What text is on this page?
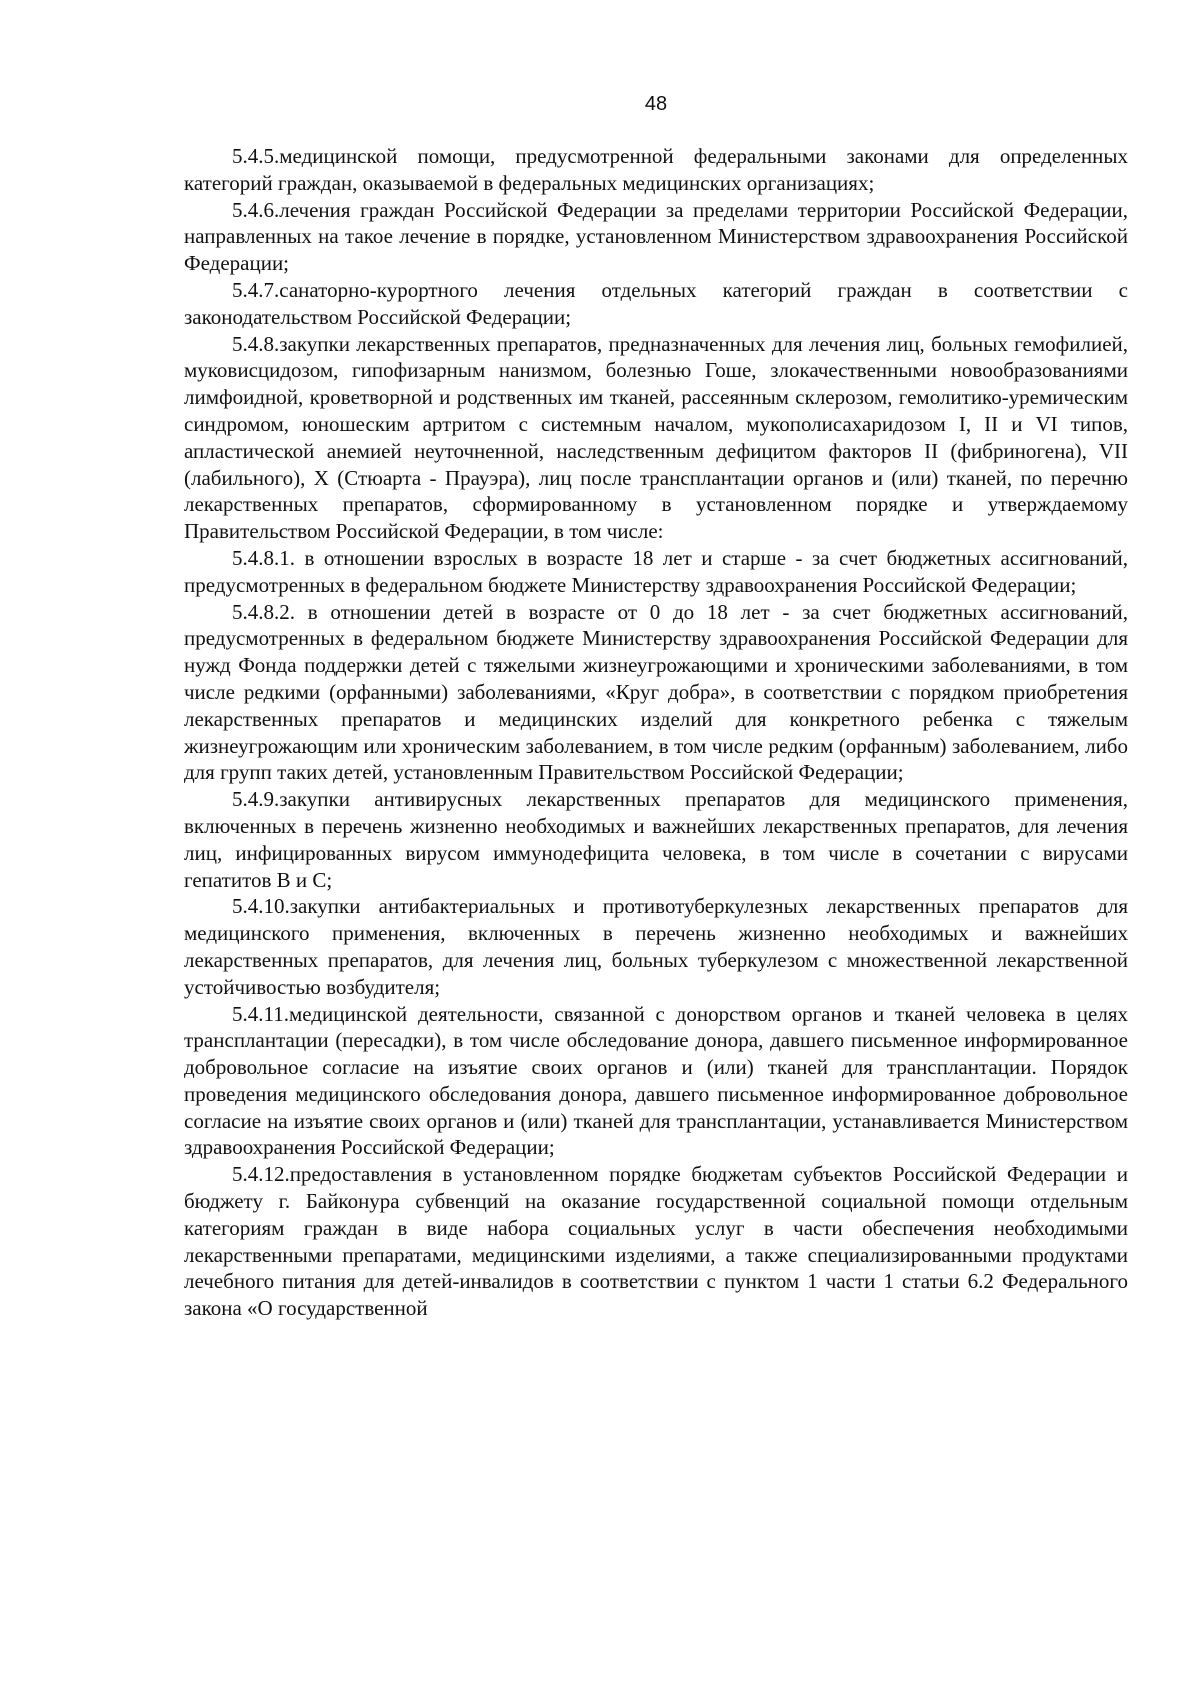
48

5.4.5.медицинской помощи, предусмотренной федеральными законами для определенных категорий граждан, оказываемой в федеральных медицинских организациях;

5.4.6.лечения граждан Российской Федерации за пределами территории Российской Федерации, направленных на такое лечение в порядке, установленном Министерством здравоохранения Российской Федерации;

5.4.7.санаторно-курортного лечения отдельных категорий граждан в соответствии с законодательством Российской Федерации;

5.4.8.закупки лекарственных препаратов, предназначенных для лечения лиц, больных гемофилией, муковисцидозом, гипофизарным нанизмом, болезнью Гоше, злокачественными новообразованиями лимфоидной, кроветворной и родственных им тканей, рассеянным склерозом, гемолитико-уремическим синдромом, юношеским артритом с системным началом, мукополисахаридозом I, II и VI типов, апластической анемией неуточненной, наследственным дефицитом факторов II (фибриногена), VII (лабильного), X (Стюарта - Прауэра), лиц после трансплантации органов и (или) тканей, по перечню лекарственных препаратов, сформированному в установленном порядке и утверждаемому Правительством Российской Федерации, в том числе:

5.4.8.1. в отношении взрослых в возрасте 18 лет и старше - за счет бюджетных ассигнований, предусмотренных в федеральном бюджете Министерству здравоохранения Российской Федерации;

5.4.8.2. в отношении детей в возрасте от 0 до 18 лет - за счет бюджетных ассигнований, предусмотренных в федеральном бюджете Министерству здравоохранения Российской Федерации для нужд Фонда поддержки детей с тяжелыми жизнеугрожающими и хроническими заболеваниями, в том числе редкими (орфанными) заболеваниями, «Круг добра», в соответствии с порядком приобретения лекарственных препаратов и медицинских изделий для конкретного ребенка с тяжелым жизнеугрожающим или хроническим заболеванием, в том числе редким (орфанным) заболеванием, либо для групп таких детей, установленным Правительством Российской Федерации;

5.4.9.закупки антивирусных лекарственных препаратов для медицинского применения, включенных в перечень жизненно необходимых и важнейших лекарственных препаратов, для лечения лиц, инфицированных вирусом иммунодефицита человека, в том числе в сочетании с вирусами гепатитов B и C;

5.4.10.закупки антибактериальных и противотуберкулезных лекарственных препаратов для медицинского применения, включенных в перечень жизненно необходимых и важнейших лекарственных препаратов, для лечения лиц, больных туберкулезом с множественной лекарственной устойчивостью возбудителя;

5.4.11.медицинской деятельности, связанной с донорством органов и тканей человека в целях трансплантации (пересадки), в том числе обследование донора, давшего письменное информированное добровольное согласие на изъятие своих органов и (или) тканей для трансплантации. Порядок проведения медицинского обследования донора, давшего письменное информированное добровольное согласие на изъятие своих органов и (или) тканей для трансплантации, устанавливается Министерством здравоохранения Российской Федерации;

5.4.12.предоставления в установленном порядке бюджетам субъектов Российской Федерации и бюджету г. Байконура субвенций на оказание государственной социальной помощи отдельным категориям граждан в виде набора социальных услуг в части обеспечения необходимыми лекарственными препаратами, медицинскими изделиями, а также специализированными продуктами лечебного питания для детей-инвалидов в соответствии с пунктом 1 части 1 статьи 6.2 Федерального закона «О государственной
